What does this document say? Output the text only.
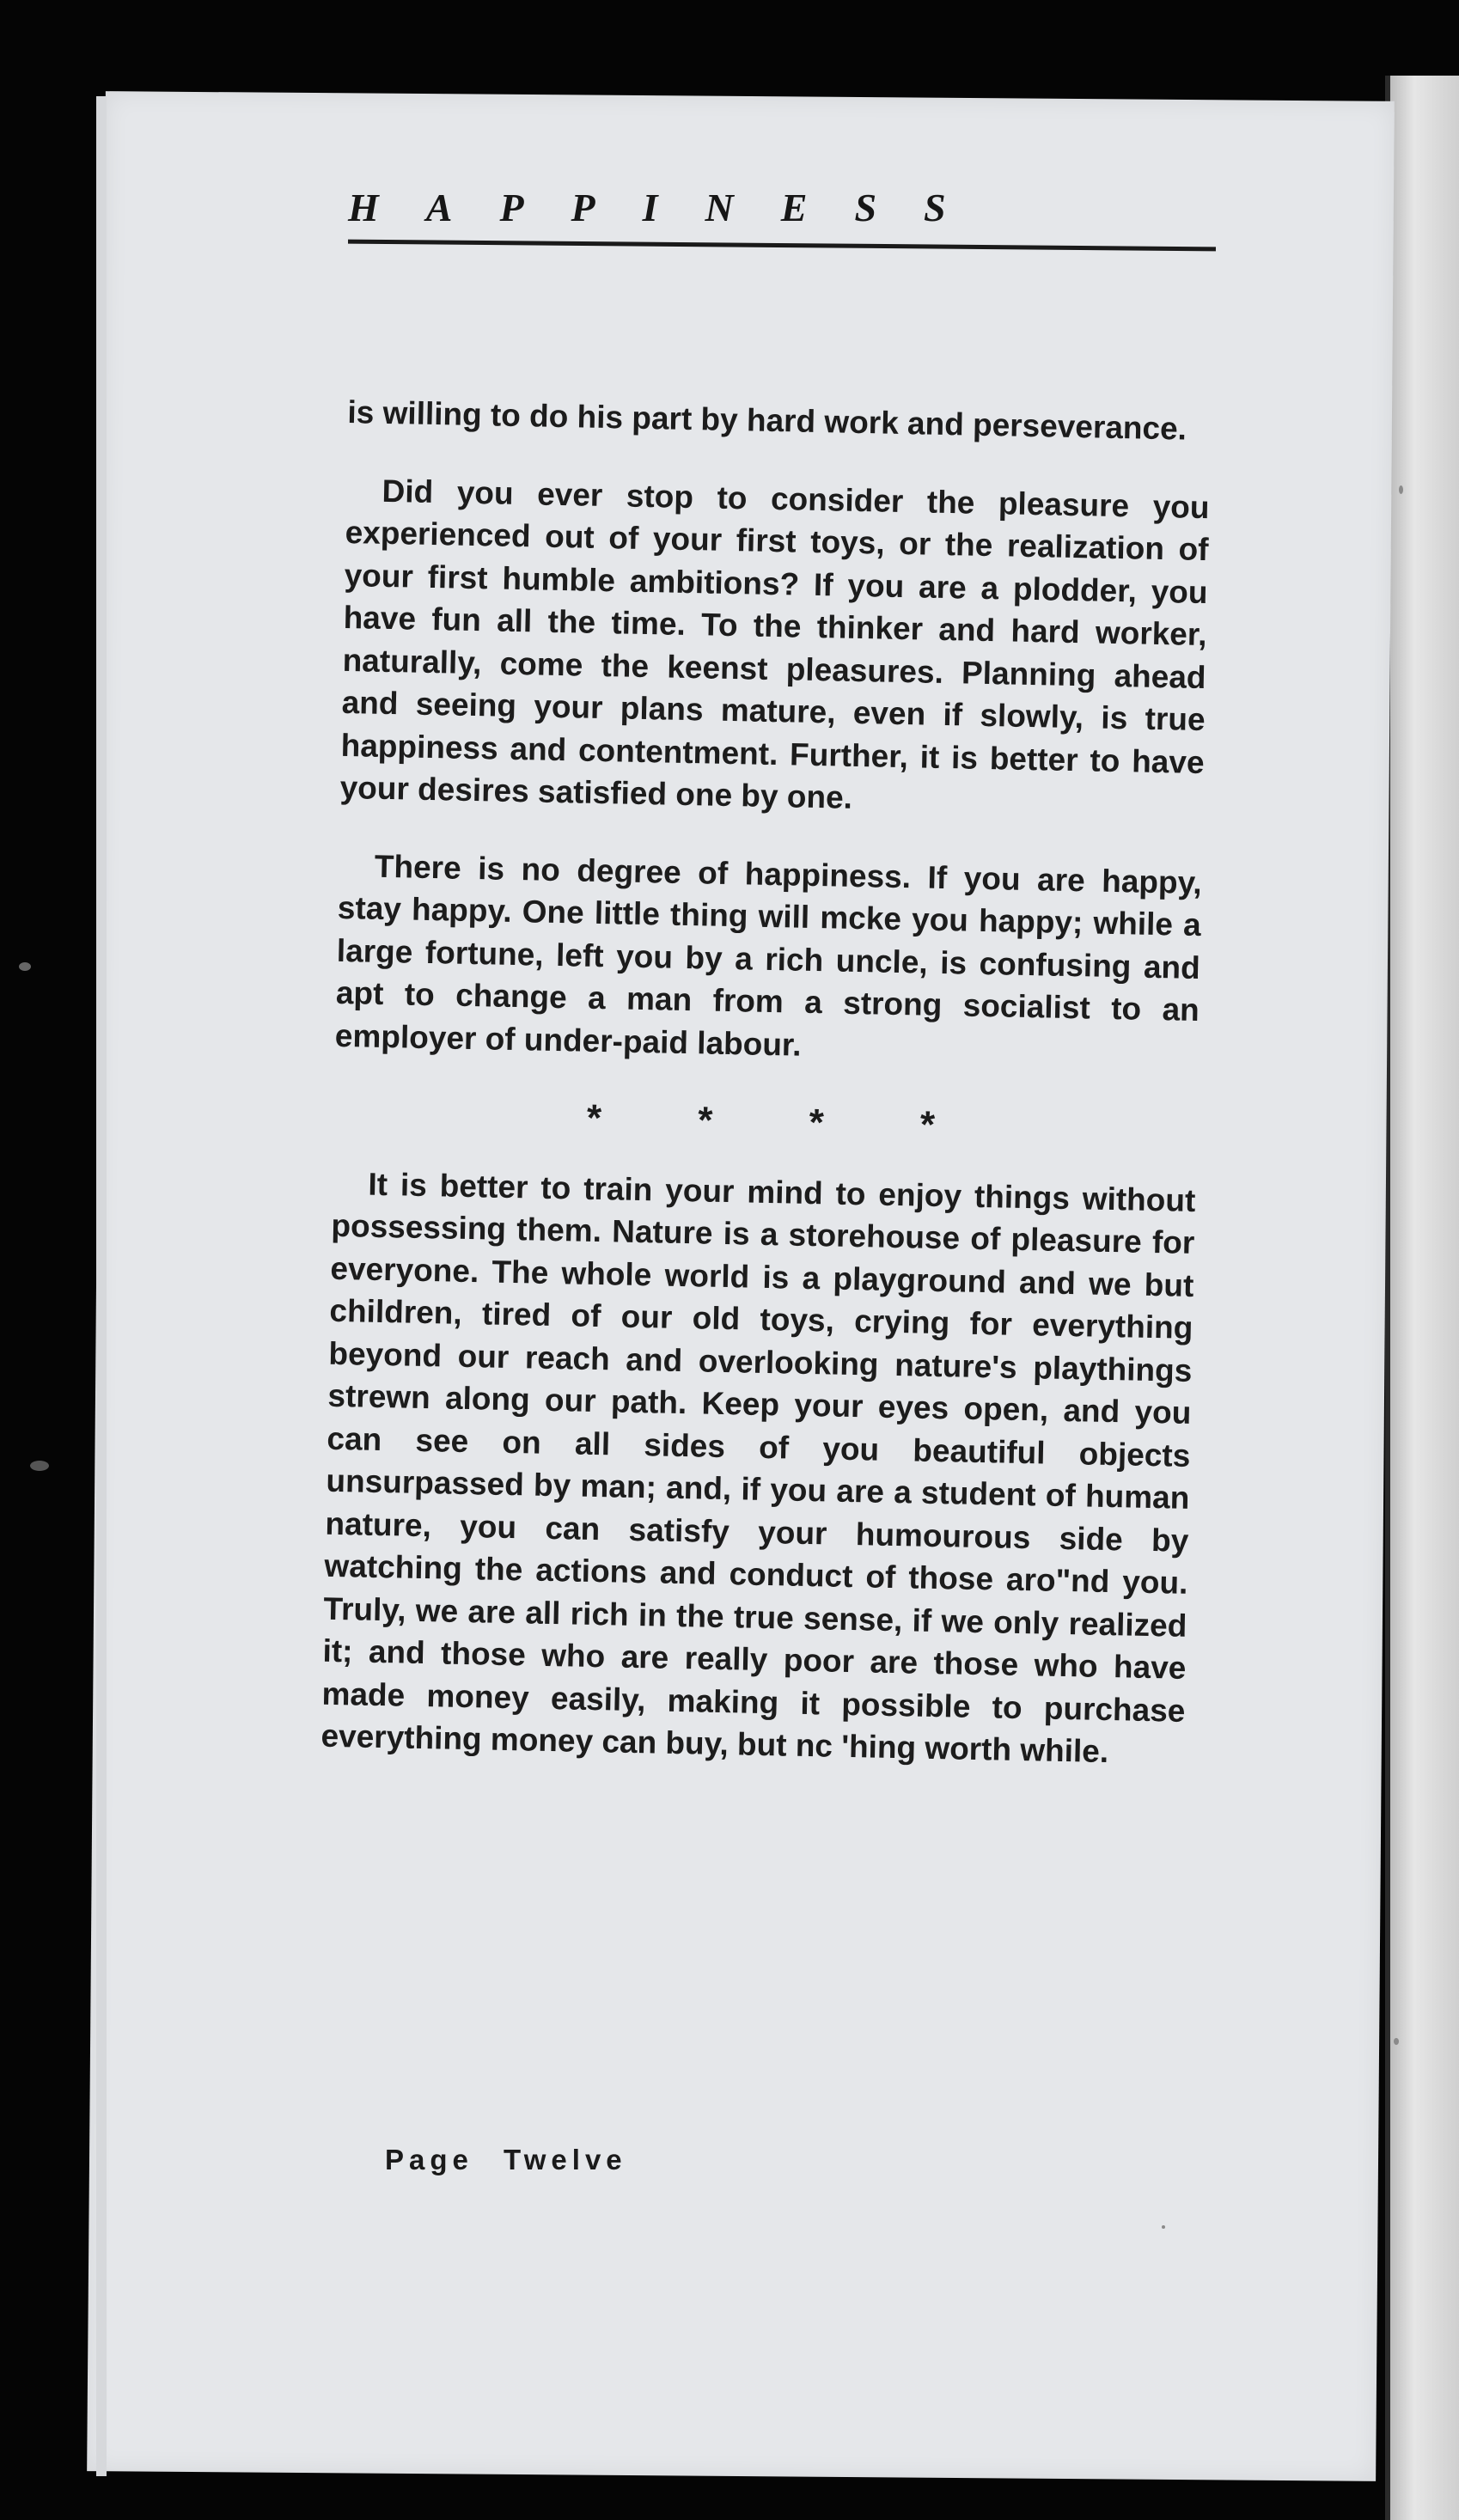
HAPPINESS

is willing to do his part by hard work and perseverance.

Did you ever stop to consider the pleasure you experienced out of your first toys, or the realization of your first humble ambitions? If you are a plodder, you have fun all the time. To the thinker and hard worker, naturally, come the keenst pleasures. Planning ahead and seeing your plans mature, even if slowly, is true happiness and contentment. Further, it is better to have your desires satisfied one by one.

There is no degree of happiness. If you are happy, stay happy. One little thing will mcke you happy; while a large fortune, left you by a rich uncle, is confusing and apt to change a man from a strong socialist to an employer of under-paid labour.

* * * *

It is better to train your mind to enjoy things without possessing them. Nature is a storehouse of pleasure for everyone. The whole world is a playground and we but children, tired of our old toys, crying for everything beyond our reach and overlooking nature's playthings strewn along our path. Keep your eyes open, and you can see on all sides of you beautiful objects unsurpassed by man; and, if you are a student of human nature, you can satisfy your humourous side by watching the actions and conduct of those aro"nd you. Truly, we are all rich in the true sense, if we only realized it; and those who are really poor are those who have made money easily, making it possible to purchase everything money can buy, but nc 'hing worth while.

Page Twelve
